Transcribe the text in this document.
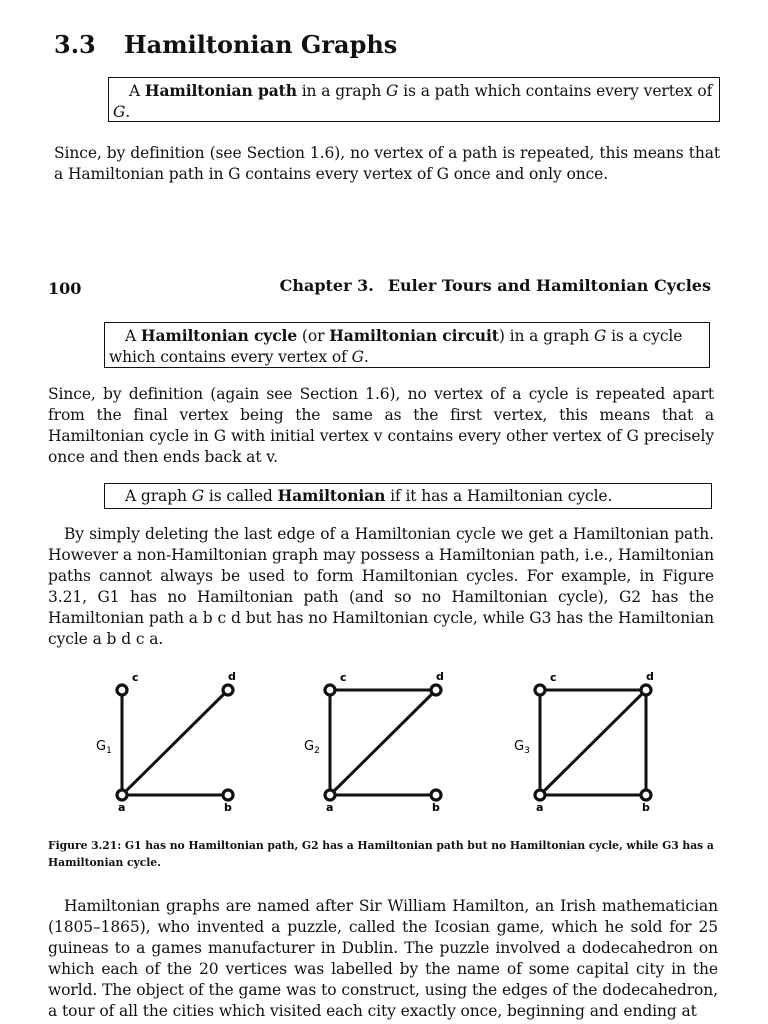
3.3 Hamiltonian Graphs
A Hamiltonian path in a graph G is a path which contains every vertex of G.
Since, by definition (see Section 1.6), no vertex of a path is repeated, this means that a Hamiltonian path in G contains every vertex of G once and only once.
100	Chapter 3. Euler Tours and Hamiltonian Cycles
A Hamiltonian cycle (or Hamiltonian circuit) in a graph G is a cycle which contains every vertex of G.
Since, by definition (again see Section 1.6), no vertex of a cycle is repeated apart from the final vertex being the same as the first vertex, this means that a Hamiltonian cycle in G with initial vertex v contains every other vertex of G precisely once and then ends back at v.
A graph G is called Hamiltonian if it has a Hamiltonian cycle.
By simply deleting the last edge of a Hamiltonian cycle we get a Hamiltonian path. However a non-Hamiltonian graph may possess a Hamiltonian path, i.e., Hamiltonian paths cannot always be used to form Hamiltonian cycles. For example, in Figure 3.21, G1 has no Hamiltonian path (and so no Hamiltonian cycle), G2 has the Hamiltonian path a b c d but has no Hamiltonian cycle, while G3 has the Hamiltonian cycle a b d c a.
c	d
a	b
$G_1$
c	d
a	b
$G_2$
c	d
a	b
$G_3$
Figure 3.21: G1 has no Hamiltonian path, G2 has a Hamiltonian path but no Hamiltonian cycle, while G3 has a Hamiltonian cycle.
Hamiltonian graphs are named after Sir William Hamilton, an Irish mathematician (1805–1865), who invented a puzzle, called the Icosian game, which he sold for 25 guineas to a games manufacturer in Dublin. The puzzle involved a dodecahedron on which each of the 20 vertices was labelled by the name of some capital city in the world. The object of the game was to construct, using the edges of the dodecahedron, a tour of all the cities which visited each city exactly once, beginning and ending at
